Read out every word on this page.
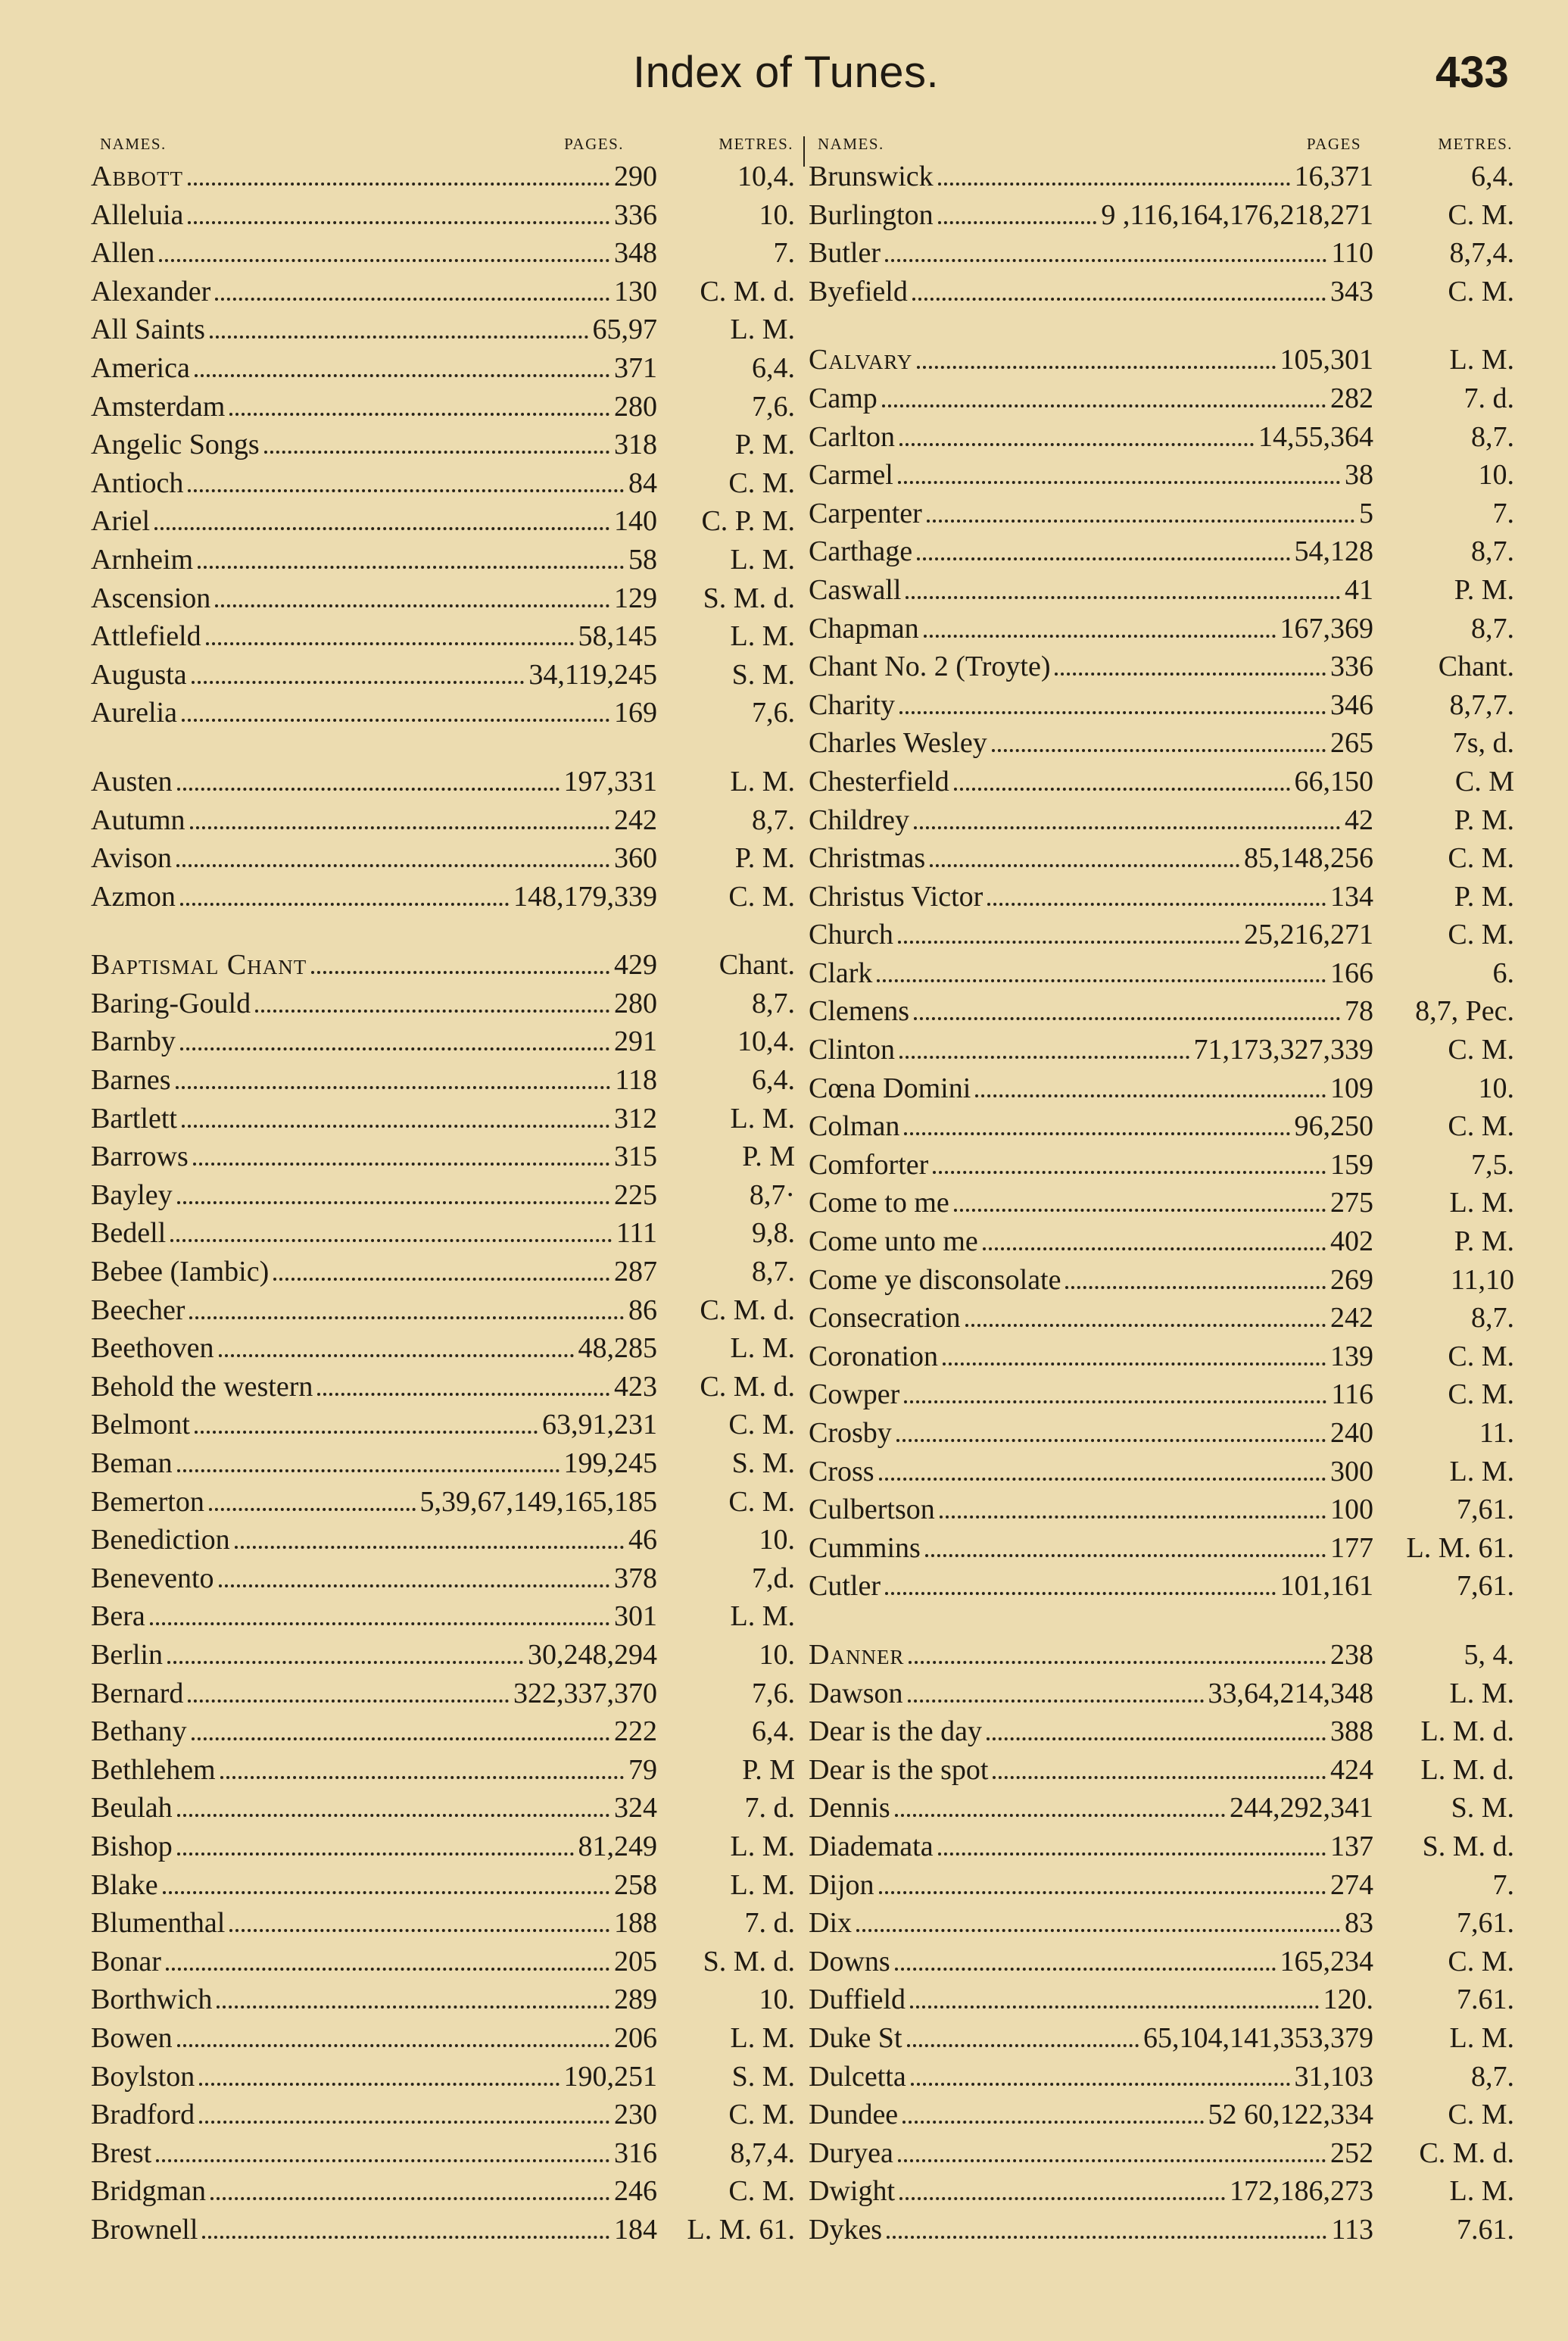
Index of Tunes.	433
NAMES.	PAGES.	METRES.
Abbott	290	10,4.
Alleluia	336	10.
Allen	348	7.
Alexander	130	C. M. d.
All Saints	65,97	L. M.
America	371	6,4.
Amsterdam	280	7,6.
Angelic Songs	318	P. M.
Antioch	84	C. M.
Ariel	140	C. P. M.
Arnheim	58	L. M.
Ascension	129	S. M. d.
Attlefield	58,145	L. M.
Augusta	34,119,245	S. M.
Aurelia	169	7,6.
Austen	197,331	L. M.
Autumn	242	8,7.
Avison	360	P. M.
Azmon	148,179,339	C. M.
Baptismal Chant	429	Chant.
Baring-Gould	280	8,7.
Barnby	291	10,4.
Barnes	118	6,4.
Bartlett	312	L. M.
Barrows	315	P. M
Bayley	225	8,7·
Bedell	111	9,8.
Bebee (Iambic)	287	8,7.
Beecher	86	C. M. d.
Beethoven	48,285	L. M.
Behold the western	423	C. M. d.
Belmont	63,91,231	C. M.
Beman	199,245	S. M.
Bemerton	5,39,67,149,165,185	C. M.
Benediction	46	10.
Benevento	378	7,d.
Bera	301	L. M.
Berlin	30,248,294	10.
Bernard	322,337,370	7,6.
Bethany	222	6,4.
Bethlehem	79	P. M
Beulah	324	7. d.
Bishop	81,249	L. M.
Blake	258	L. M.
Blumenthal	188	7. d.
Bonar	205	S. M. d.
Borthwich	289	10.
Bowen	206	L. M.
Boylston	190,251	S. M.
Bradford	230	C. M.
Brest	316	8,7,4.
Bridgman	246	C. M.
Brownell	184	L. M. 61.
NAMES.	PAGES	METRES.
Brunswick	16,371	6,4.
Burlington	9 ,116,164,176,218,271	C. M.
Butler	110	8,7,4.
Byefield	343	C. M.
Calvary	105,301	L. M.
Camp	282	7. d.
Carlton	14,55,364	8,7.
Carmel	38	10.
Carpenter	5	7.
Carthage	54,128	8,7.
Caswall	41	P. M.
Chapman	167,369	8,7.
Chant No. 2 (Troyte)	336	Chant.
Charity	346	8,7,7.
Charles Wesley	265	7s, d.
Chesterfield	66,150	C. M
Childrey	42	P. M.
Christmas	85,148,256	C. M.
Christus Victor	134	P. M.
Church	25,216,271	C. M.
Clark	166	6.
Clemens	78	8,7, Pec.
Clinton	71,173,327,339	C. M.
Cœna Domini	109	10.
Colman	96,250	C. M.
Comforter	159	7,5.
Come to me	275	L. M.
Come unto me	402	P. M.
Come ye disconsolate	269	11,10
Consecration	242	8,7.
Coronation	139	C. M.
Cowper	116	C. M.
Crosby	240	11.
Cross	300	L. M.
Culbertson	100	7,61.
Cummins	177	L. M. 61.
Cutler	101,161	7,61.
Danner	238	5, 4.
Dawson	33,64,214,348	L. M.
Dear is the day	388	L. M. d.
Dear is the spot	424	L. M. d.
Dennis	244,292,341	S. M.
Diademata	137	S. M. d.
Dijon	274	7.
Dix	83	7,61.
Downs	165,234	C. M.
Duffield	120.	7.61.
Duke St	65,104,141,353,379	L. M.
Dulcetta	31,103	8,7.
Dundee	52 60,122,334	C. M.
Duryea	252	C. M. d.
Dwight	172,186,273	L. M.
Dykes	113	7.61.
